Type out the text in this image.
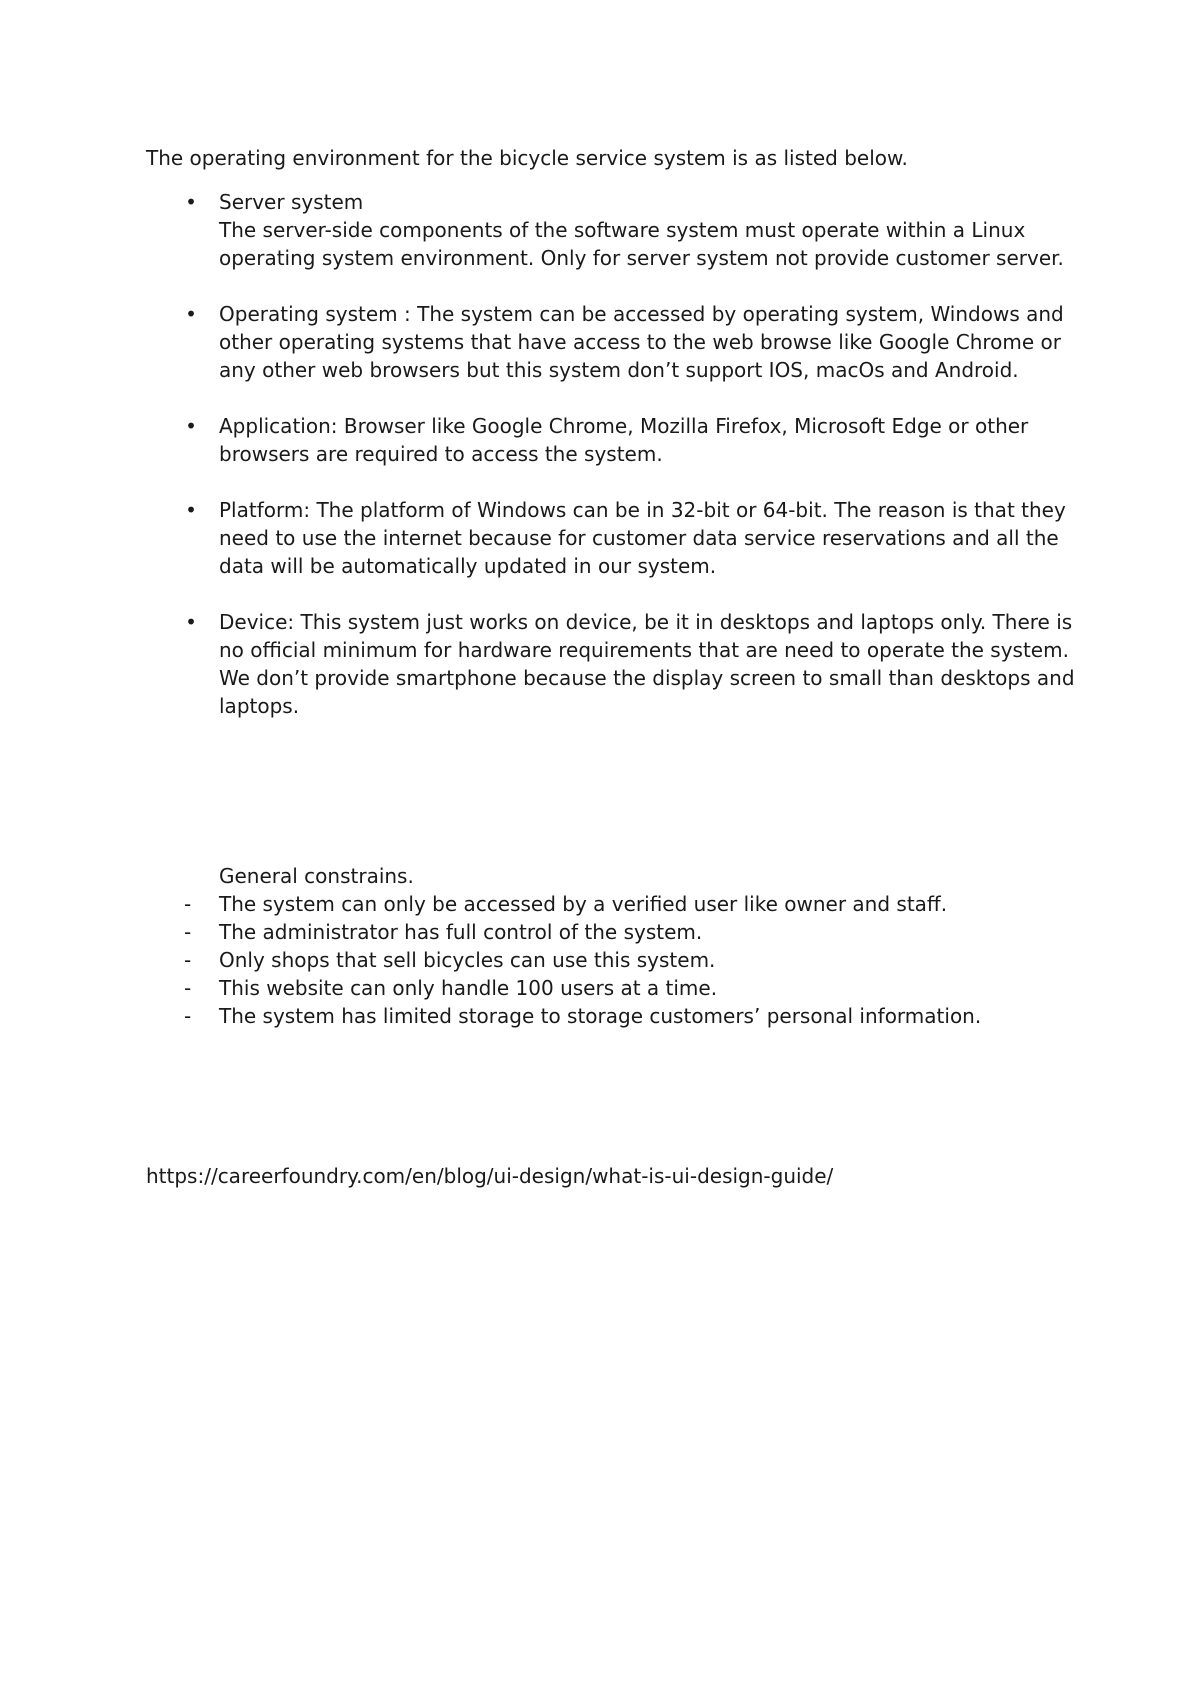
The operating environment for the bicycle service system is as listed below.

• Server system
The server-side components of the software system must operate within a Linux operating system environment. Only for server system not provide customer server.
• Operating system : The system can be accessed by operating system, Windows and other operating systems that have access to the web browse like Google Chrome or any other web browsers but this system don’t support IOS, macOs and Android.
• Application: Browser like Google Chrome, Mozilla Firefox, Microsoft Edge or other browsers are required to access the system.
• Platform: The platform of Windows can be in 32-bit or 64-bit. The reason is that they need to use the internet because for customer data service reservations and all the data will be automatically updated in our system.
• Device: This system just works on device, be it in desktops and laptops only. There is no official minimum for hardware requirements that are need to operate the system. We don’t provide smartphone because the display screen to small than desktops and laptops.

General constrains.

- The system can only be accessed by a verified user like owner and staff.
- The administrator has full control of the system.
- Only shops that sell bicycles can use this system.
- This website can only handle 100 users at a time.
- The system has limited storage to storage customers’ personal information.
https://careerfoundry.com/en/blog/ui-design/what-is-ui-design-guide/
